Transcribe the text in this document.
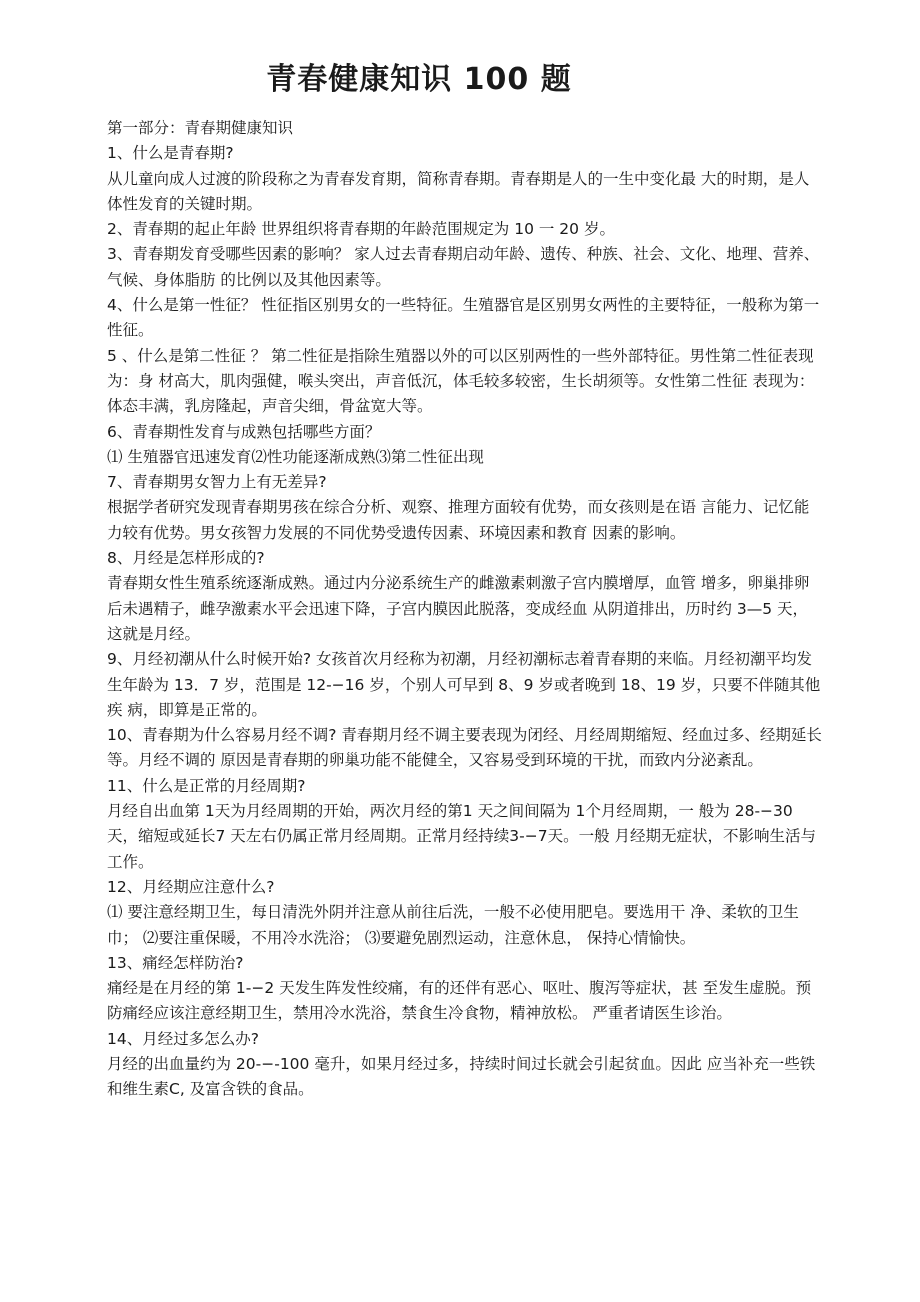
青春健康知识 100 题

第一部分：青春期健康知识

1、什么是青春期?

从儿童向成人过渡的阶段称之为青春发育期，简称青春期。青春期是人的一生中变化最 大的时期，是人体性发育的关键时期。

2、青春期的起止年龄 世界组织将青春期的年龄范围规定为 10 一 20 岁。

3、青春期发育受哪些因素的影响？ 家人过去青春期启动年龄、遗传、种族、社会、文化、地理、营养、气候、身体脂肪 的比例以及其他因素等。

4、什么是第一性征？ 性征指区别男女的一些特征。生殖器官是区别男女两性的主要特征，一般称为第一性征。

5 、什么是第二性征 ？ 第二性征是指除生殖器以外的可以区别两性的一些外部特征。男性第二性征表现为：身 材高大，肌肉强健，喉头突出，声音低沉，体毛较多较密，生长胡须等。女性第二性征 表现为：体态丰满，乳房隆起，声音尖细，骨盆宽大等。

6、青春期性发育与成熟包括哪些方面？

⑴ 生殖器官迅速发育⑵性功能逐渐成熟⑶第二性征出现

7、青春期男女智力上有无差异?

根据学者研究发现青春期男孩在综合分析、观察、推理方面较有优势，而女孩则是在语 言能力、记忆能力较有优势。男女孩智力发展的不同优势受遗传因素、环境因素和教育 因素的影响。

8、月经是怎样形成的?

青春期女性生殖系统逐渐成熟。通过内分泌系统生产的雌激素刺激子宫内膜增厚，血管 增多，卵巢排卵后未遇精子，雌孕激素水平会迅速下降，子宫内膜因此脱落，变成经血 从阴道排出，历时约 3—5 天，这就是月经。

9、月经初潮从什么时候开始? 女孩首次月经称为初潮，月经初潮标志着青春期的来临。月经初潮平均发生年龄为 13．7 岁，范围是 12-−16 岁，个别人可早到 8、9 岁或者晚到 18、19 岁，只要不伴随其他疾 病，即算是正常的。

10、青春期为什么容易月经不调? 青春期月经不调主要表现为闭经、月经周期缩短、经血过多、经期延长等。月经不调的 原因是青春期的卵巢功能不能健全，又容易受到环境的干扰，而致内分泌紊乱。

11、什么是正常的月经周期?

月经自出血第 1天为月经周期的开始，两次月经的第1 天之间间隔为 1个月经周期，一 般为 28-−30 天，缩短或延长7 天左右仍属正常月经周期。正常月经持续3-−7天。一般 月经期无症状，不影响生活与工作。

12、月经期应注意什么?

⑴ 要注意经期卫生，每日清洗外阴并注意从前往后洗，一般不必使用肥皂。要选用干 净、柔软的卫生巾； ⑵要注重保暖，不用冷水洗浴； ⑶要避免剧烈运动，注意休息， 保持心情愉快。

13、痛经怎样防治?

痛经是在月经的第 1-−2 天发生阵发性绞痛，有的还伴有恶心、呕吐、腹泻等症状，甚 至发生虚脱。预防痛经应该注意经期卫生，禁用冷水洗浴，禁食生冷食物，精神放松。 严重者请医生诊治。

14、月经过多怎么办?

月经的出血量约为 20-−-100 毫升，如果月经过多，持续时间过长就会引起贫血。因此 应当补充一些铁和维生素C, 及富含铁的食品。
